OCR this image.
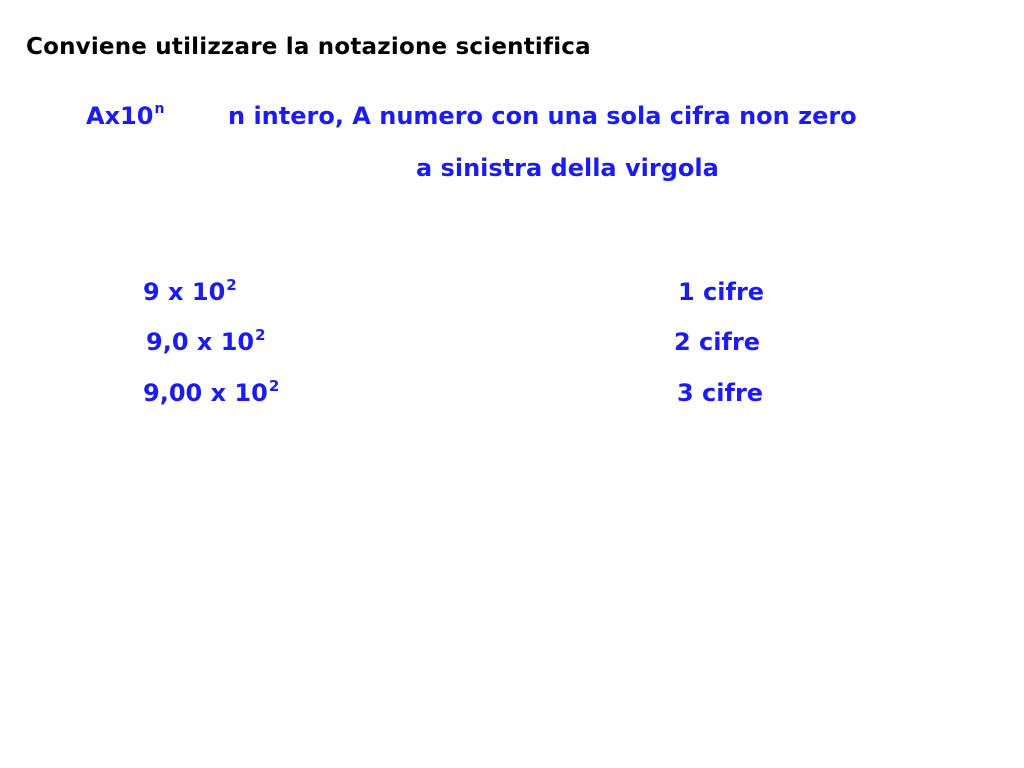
Conviene utilizzare la notazione scientifica
Ax10$^n$	n intero, A numero con una sola cifra non zero
a sinistra della virgola
9 x $10^2$	1 cifre
9,0 x $10^2$	2 cifre
9,00 x $10^2$	3 cifre
